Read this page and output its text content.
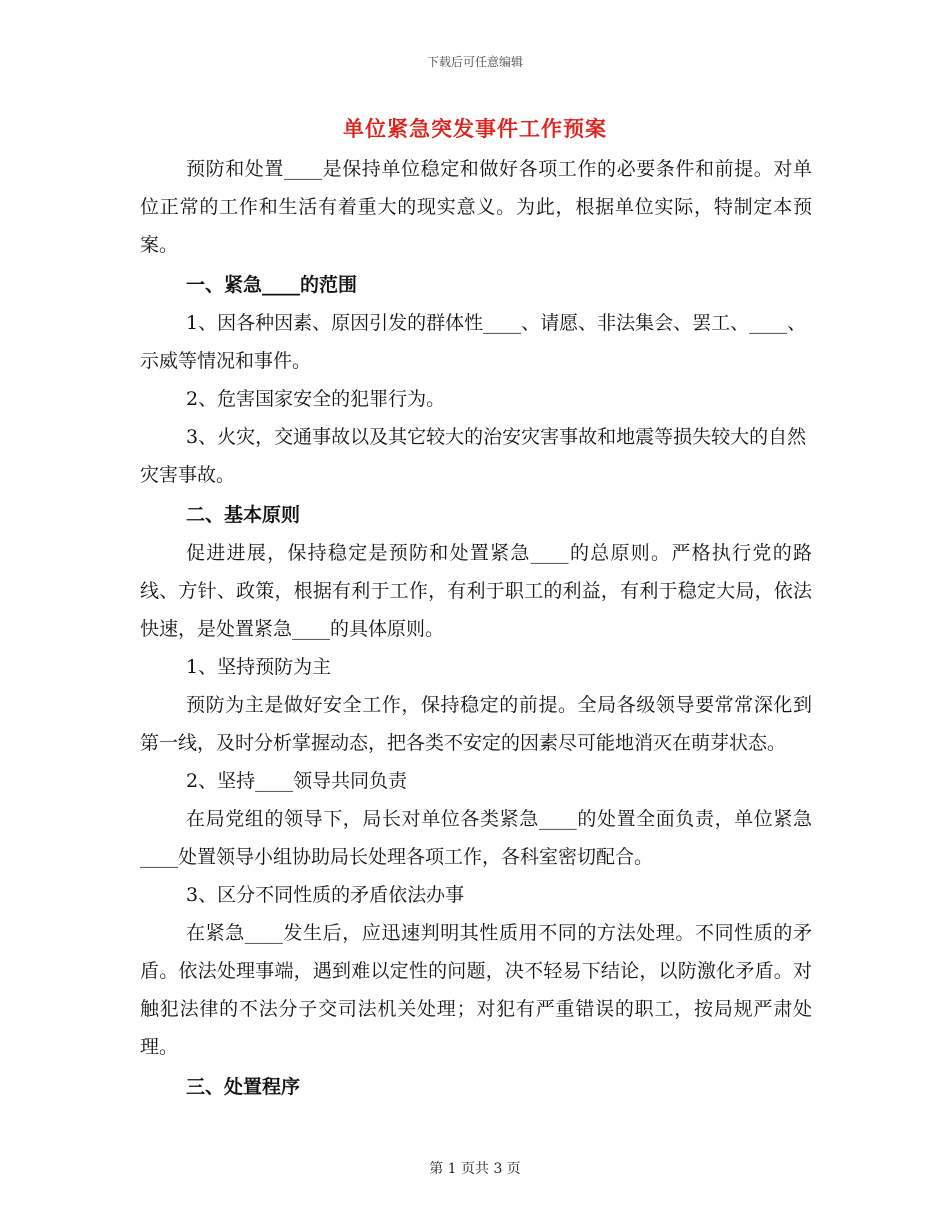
下载后可任意编辑
单位紧急突发事件工作预案

预防和处置____是保持单位稳定和做好各项工作的必要条件和前提。对单位正常的工作和生活有着重大的现实意义。为此，根据单位实际，特制定本预案。

一、紧急____的范围

1、因各种因素、原因引发的群体性____、请愿、非法集会、罢工、____、示威等情况和事件。

2、危害国家安全的犯罪行为。

3、火灾，交通事故以及其它较大的治安灾害事故和地震等损失较大的自然灾害事故。

二、基本原则

促进进展，保持稳定是预防和处置紧急____的总原则。严格执行党的路线、方针、政策，根据有利于工作，有利于职工的利益，有利于稳定大局，依法快速，是处置紧急____的具体原则。

1、坚持预防为主

预防为主是做好安全工作，保持稳定的前提。全局各级领导要常常深化到第一线，及时分析掌握动态，把各类不安定的因素尽可能地消灭在萌芽状态。

2、坚持____领导共同负责

在局党组的领导下，局长对单位各类紧急____的处置全面负责，单位紧急____处置领导小组协助局长处理各项工作，各科室密切配合。

3、区分不同性质的矛盾依法办事

在紧急____发生后，应迅速判明其性质用不同的方法处理。不同性质的矛盾。依法处理事端，遇到难以定性的问题，决不轻易下结论，以防激化矛盾。对触犯法律的不法分子交司法机关处理；对犯有严重错误的职工，按局规严肃处理。

三、处置程序

第 1 页共 3 页
